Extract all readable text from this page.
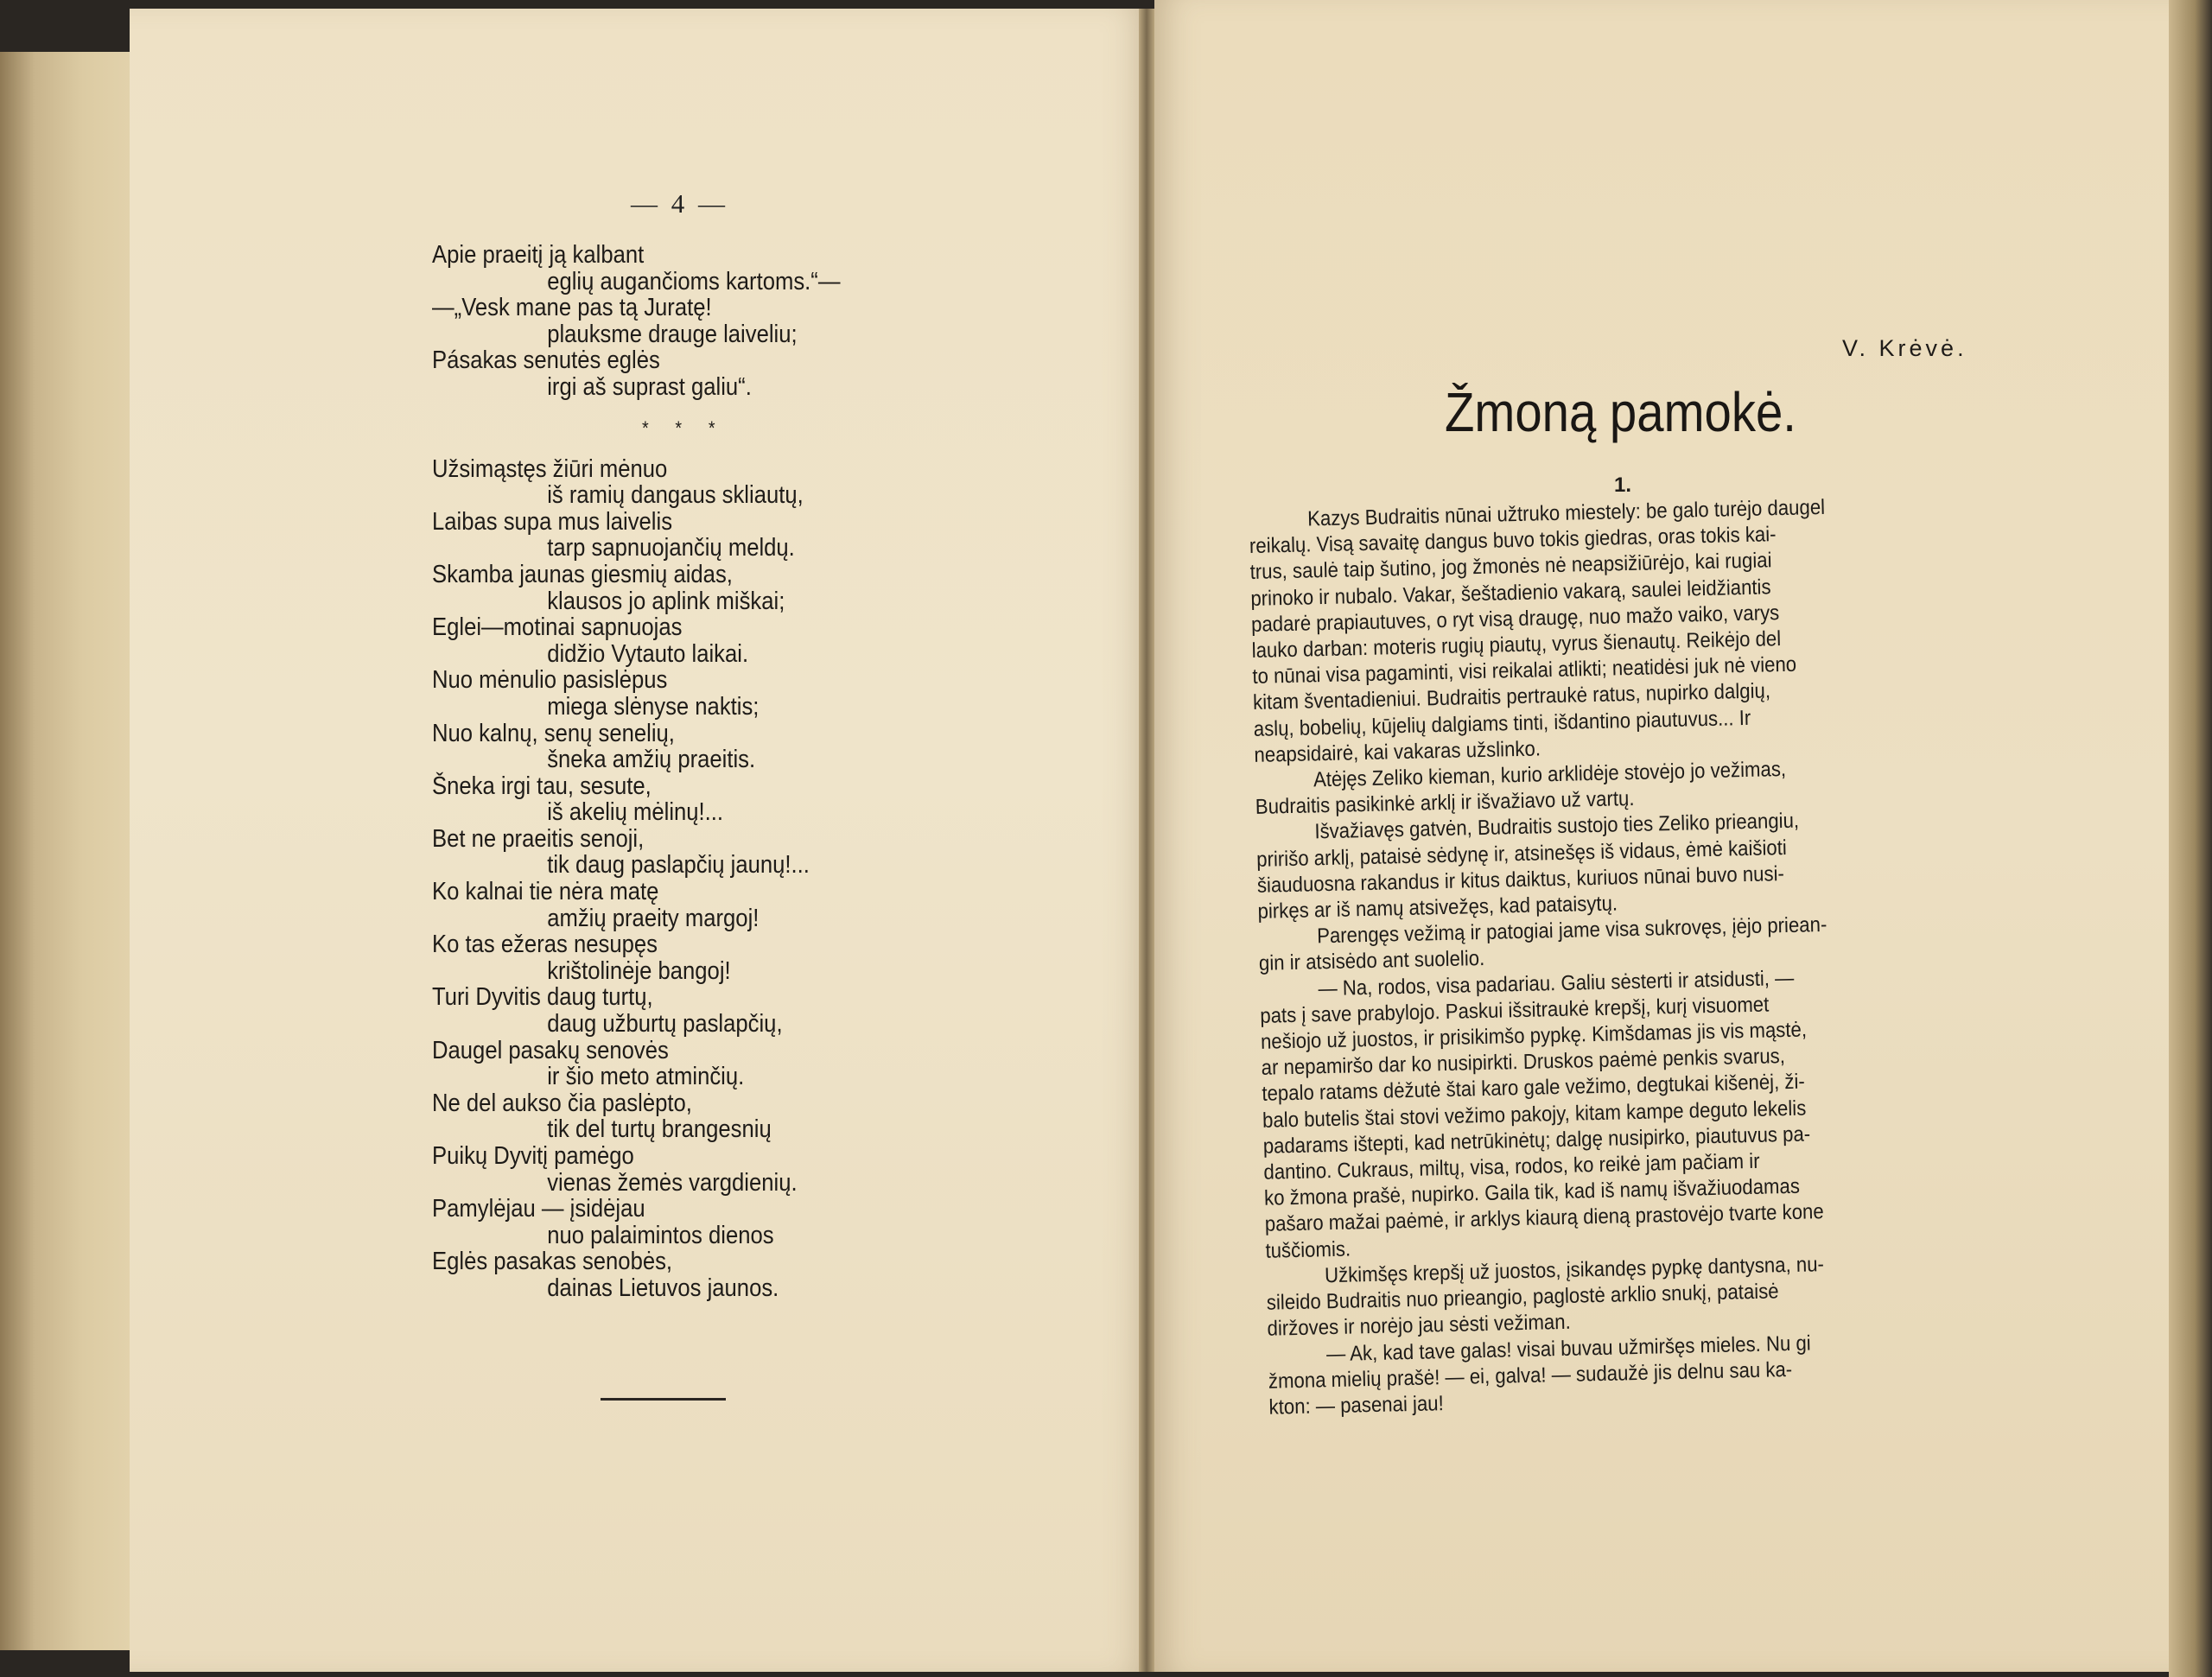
— 4 —
Apie praeitį ją kalbant
eglių augančioms kartoms.“—
—„Vesk mane pas tą Juratę!
plauksme drauge laiveliu;
Pásakas senutės eglės
irgi aš suprast galiu“.
* * *
Užsimąstęs žiūri mėnuo
iš ramių dangaus skliautų,
Laibas supa mus laivelis
tarp sapnuojančių meldų.
Skamba jaunas giesmių aidas,
klausos jo aplink miškai;
Eglei—motinai sapnuojas
didžio Vytauto laikai.
Nuo mėnulio pasislėpus
miega slėnyse naktis;
Nuo kalnų, senų senelių,
šneka amžių praeitis.
Šneka irgi tau, sesute,
iš akelių mėlinų!...
Bet ne praeitis senoji,
tik daug paslapčių jaunų!...
Ko kalnai tie nėra matę
amžių praeity margoj!
Ko tas ežeras nesupęs
krištolinėje bangoj!
Turi Dyvitis daug turtų,
daug užburtų paslapčių,
Daugel pasakų senovės
ir šio meto atminčių.
Ne del aukso čia paslėpto,
tik del turtų brangesnių
Puikų Dyvitį pamėgo
vienas žemės vargdienių.
Pamylėjau — įsidėjau
nuo palaimintos dienos
Eglės pasakas senobės,
dainas Lietuvos jaunos.
V. Krėvė.
Žmoną pamokė.
1.
Kazys Budraitis nūnai užtruko miestely: be galo turėjo daugel
reikalų. Visą savaitę dangus buvo tokis giedras, oras tokis kai-
trus, saulė taip šutino, jog žmonės nė neapsižiūrėjo, kai rugiai
prinoko ir nubalo. Vakar, šeštadienio vakarą, saulei leidžiantis
padarė prapiautuves, o ryt visą draugę, nuo mažo vaiko, varys
lauko darban: moteris rugių piautų, vyrus šienautų. Reikėjo del
to nūnai visa pagaminti, visi reikalai atlikti; neatidėsi juk nė vieno
kitam šventadieniui. Budraitis pertraukė ratus, nupirko dalgių,
aslų, bobelių, kūjelių dalgiams tinti, išdantino piautuvus... Ir
neapsidairė, kai vakaras užslinko.
Atėjęs Zeliko kieman, kurio arklidėje stovėjo jo vežimas,
Budraitis pasikinkė arklį ir išvažiavo už vartų.
Išvažiavęs gatvėn, Budraitis sustojo ties Zeliko prieangiu,
pririšo arklį, pataisė sėdynę ir, atsinešęs iš vidaus, ėmė kaišioti
šiauduosna rakandus ir kitus daiktus, kuriuos nūnai buvo nusi-
pirkęs ar iš namų atsivežęs, kad pataisytų.
Parengęs vežimą ir patogiai jame visa sukrovęs, įėjo priean-
gin ir atsisėdo ant suolelio.
— Na, rodos, visa padariau. Galiu sėsterti ir atsidusti, —
pats į save prabylojo. Paskui išsitraukė krepšį, kurį visuomet
nešiojo už juostos, ir prisikimšo pypkę. Kimšdamas jis vis mąstė,
ar nepamiršo dar ko nusipirkti. Druskos paėmė penkis svarus,
tepalo ratams dėžutė štai karo gale vežimo, degtukai kišenėj, ži-
balo butelis štai stovi vežimo pakojy, kitam kampe deguto lekelis
padarams ištepti, kad netrūkinėtų; dalgę nusipirko, piautuvus pa-
dantino. Cukraus, miltų, visa, rodos, ko reikė jam pačiam ir
ko žmona prašė, nupirko. Gaila tik, kad iš namų išvažiuodamas
pašaro mažai paėmė, ir arklys kiaurą dieną prastovėjo tvarte kone
tuščiomis.
Užkimšęs krepšį už juostos, įsikandęs pypkę dantysna, nu-
sileido Budraitis nuo prieangio, paglostė arklio snukį, pataisė
diržoves ir norėjo jau sėsti vežiman.
— Ak, kad tave galas! visai buvau užmiršęs mieles. Nu gi
žmona mielių prašė! — ei, galva! — sudaužė jis delnu sau ka-
kton: — pasenai jau!
